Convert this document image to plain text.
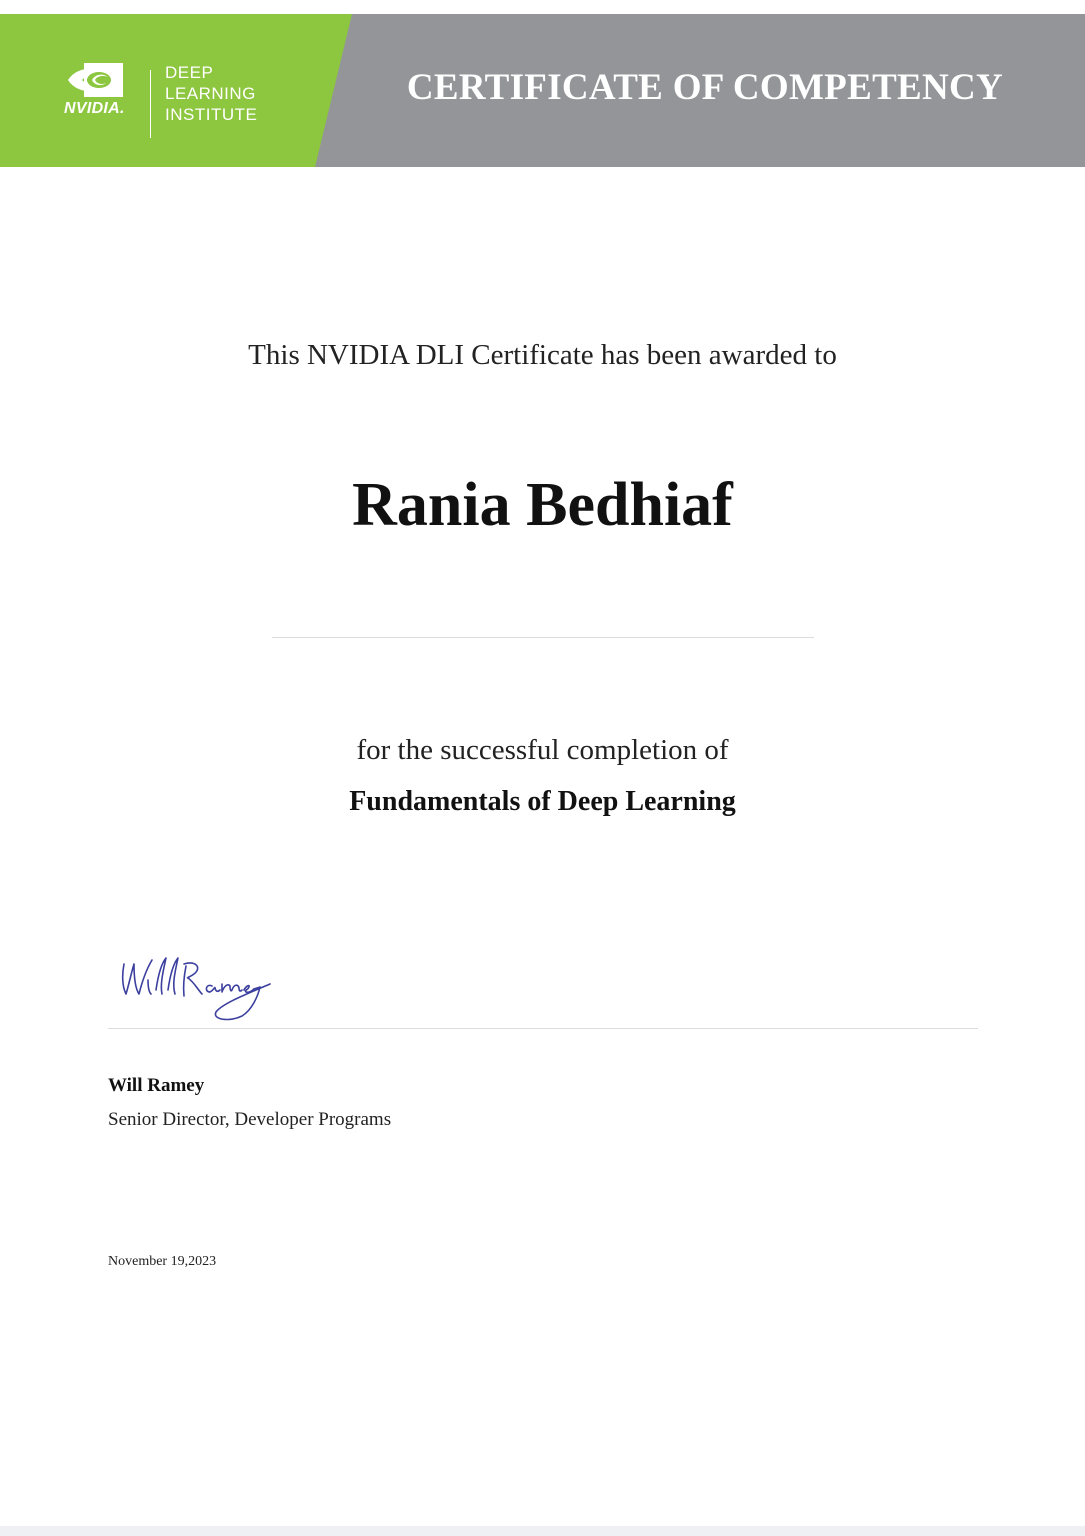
NVIDIA.
DEEP
LEARNING
INSTITUTE
CERTIFICATE OF COMPETENCY
This NVIDIA DLI Certificate has been awarded to
Rania Bedhiaf
for the successful completion of
Fundamentals of Deep Learning
Will Ramey
Senior Director, Developer Programs
November 19,2023
